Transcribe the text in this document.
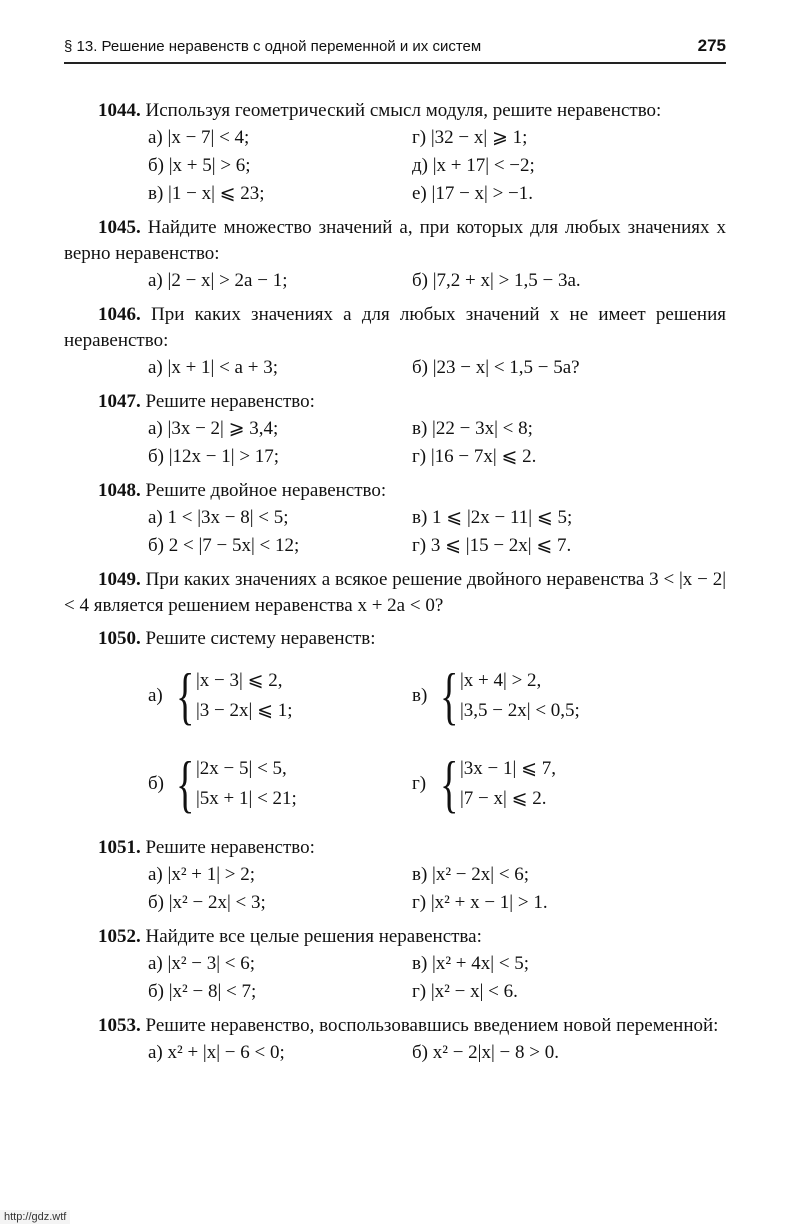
§ 13. Решение неравенств с одной переменной и их систем	275
1044. Используя геометрический смысл модуля, решите неравенство:
а) |x − 7| < 4;	г) |32 − x| ⩾ 1;
б) |x + 5| > 6;	д) |x + 17| < −2;
в) |1 − x| ⩽ 23;	е) |17 − x| > −1.
1045. Найдите множество значений a, при которых для любых значениях x верно неравенство:
а) |2 − x| > 2a − 1;	б) |7,2 + x| > 1,5 − 3a.
1046. При каких значениях a для любых значений x не имеет решения неравенство:
а) |x + 1| < a + 3;	б) |23 − x| < 1,5 − 5a?
1047. Решите неравенство:
а) |3x − 2| ⩾ 3,4;	в) |22 − 3x| < 8;
б) |12x − 1| > 17;	г) |16 − 7x| ⩽ 2.
1048. Решите двойное неравенство:
а) 1 < |3x − 8| < 5;	в) 1 ⩽ |2x − 11| ⩽ 5;
б) 2 < |7 − 5x| < 12;	г) 3 ⩽ |15 − 2x| ⩽ 7.
1049. При каких значениях a всякое решение двойного неравенства 3 < |x − 2| < 4 является решением неравенства x + 2a < 0?
1050. Решите систему неравенств:
а) { |x − 3| ⩽ 2,
|3 − 2x| ⩽ 1;
в) { |x + 4| > 2,
|3,5 − 2x| < 0,5;
б) { |2x − 5| < 5,
|5x + 1| < 21;
г) { |3x − 1| ⩽ 7,
|7 − x| ⩽ 2.
1051. Решите неравенство:
а) |x² + 1| > 2;	в) |x² − 2x| < 6;
б) |x² − 2x| < 3;	г) |x² + x − 1| > 1.
1052. Найдите все целые решения неравенства:
а) |x² − 3| < 6;	в) |x² + 4x| < 5;
б) |x² − 8| < 7;	г) |x² − x| < 6.
1053. Решите неравенство, воспользовавшись введением новой переменной:
а) x² + |x| − 6 < 0;	б) x² − 2|x| − 8 > 0.
http://gdz.wtf
